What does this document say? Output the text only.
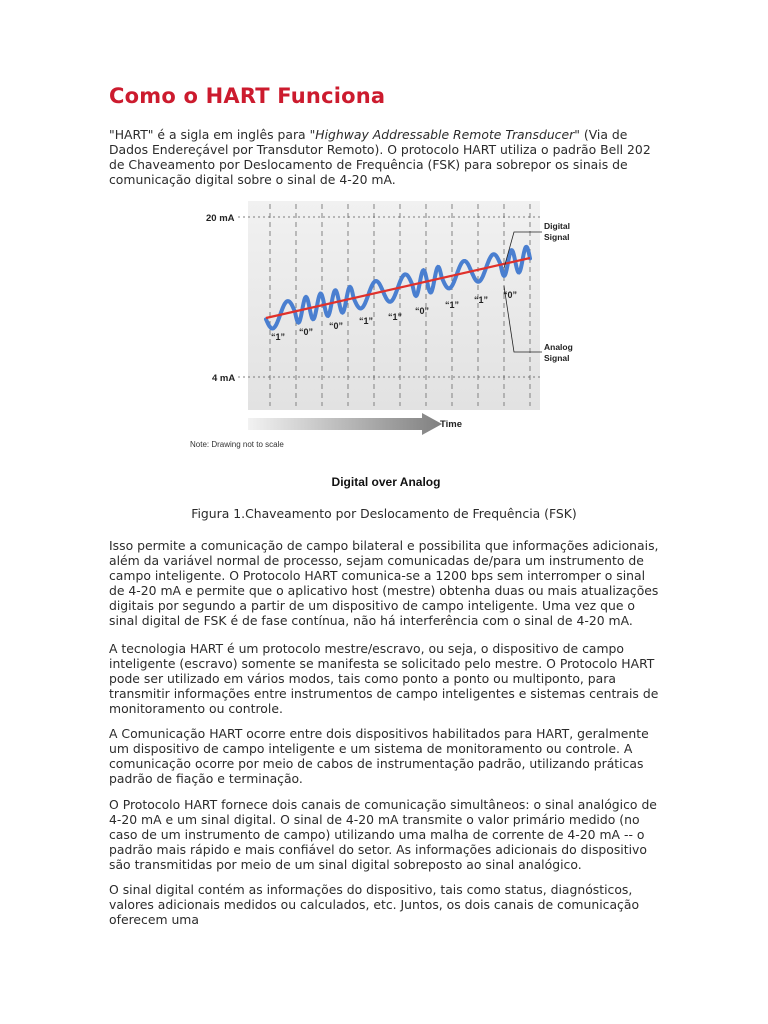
Como o HART Funciona

"HART" é a sigla em inglês para "Highway Addressable Remote Transducer" (Via de Dados Endereçável por Transdutor Remoto). O protocolo HART utiliza o padrão Bell 202 de Chaveamento por Deslocamento de Frequência (FSK) para sobrepor os sinais de comunicação digital sobre o sinal de 4-20 mA.

20 mA
4 mA
“1” “0”
“0” “1” “1”
“0”
“1” “1” “0”
Digital
Signal
Analog
Signal
Time
Note: Drawing not to scale
Digital over Analog

Figura 1.Chaveamento por Deslocamento de Frequência (FSK)

Isso permite a comunicação de campo bilateral e possibilita que informações adicionais, além da variável normal de processo, sejam comunicadas de/para um instrumento de campo inteligente. O Protocolo HART comunica-se a 1200 bps sem interromper o sinal de 4-20 mA e permite que o aplicativo host (mestre) obtenha duas ou mais atualizações digitais por segundo a partir de um dispositivo de campo inteligente. Uma vez que o sinal digital de FSK é de fase contínua, não há interferência com o sinal de 4-20 mA.

A tecnologia HART é um protocolo mestre/escravo, ou seja, o dispositivo de campo inteligente (escravo) somente se manifesta se solicitado pelo mestre. O Protocolo HART pode ser utilizado em vários modos, tais como ponto a ponto ou multiponto, para transmitir informações entre instrumentos de campo inteligentes e sistemas centrais de monitoramento ou controle.

A Comunicação HART ocorre entre dois dispositivos habilitados para HART, geralmente um dispositivo de campo inteligente e um sistema de monitoramento ou controle. A comunicação ocorre por meio de cabos de instrumentação padrão, utilizando práticas padrão de fiação e terminação.

O Protocolo HART fornece dois canais de comunicação simultâneos: o sinal analógico de 4-20 mA e um sinal digital. O sinal de 4-20 mA transmite o valor primário medido (no caso de um instrumento de campo) utilizando uma malha de corrente de 4-20 mA -- o padrão mais rápido e mais confiável do setor. As informações adicionais do dispositivo são transmitidas por meio de um sinal digital sobreposto ao sinal analógico.

O sinal digital contém as informações do dispositivo, tais como status, diagnósticos, valores adicionais medidos ou calculados, etc. Juntos, os dois canais de comunicação oferecem uma
